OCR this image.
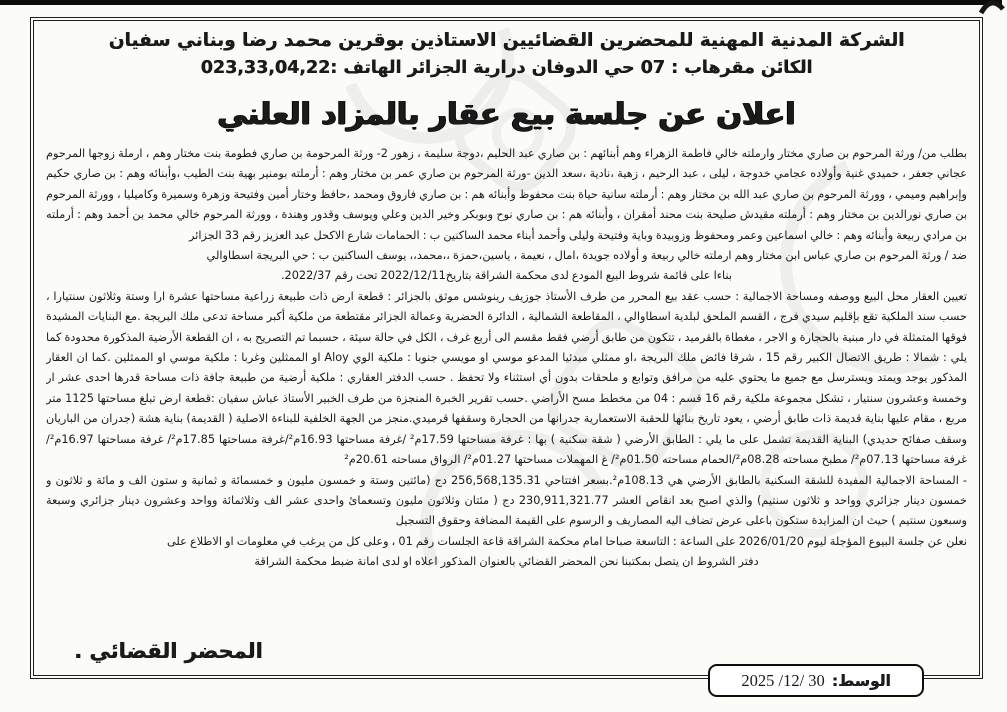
الشركة المدنية المهنية للمحضرين القضائيين الاستاذين بوقرين محمد رضا وبناني سفيان
الكائن مقرهاب : 07 حي الدوفان درارية الجزائر الهاتف :023,33,04,22
اعلان عن جلسة بيع عقار بالمزاد العلني

بطلب من/ ورثة المرحوم بن صاري مختار وارملته خالي فاطمة الزهراء وهم أبنائهم : بن صاري عبد الحليم ،دوجة سليمة ، زهور 2- ورثة المرحومة بن صاري فطومة بنت مختار وهم ، ارملة زوجها المرحوم عجاني جعفر ، حميدي غنية وأولاده عجامي خدوجة ، ليلى ، عبد الرحيم ، زهية ،نادية ،سعد الدين -ورثة المرحوم بن صاري عمر بن مختار وهم : أرملته بومنير بهية بنت الطيب ،وأبنائه وهم : بن صاري حكيم وإبراهيم وميمي ، وورثة المرحوم بن صاري عبد الله بن مختار وهم : أرملته سانية حياة بنت محفوظ وأبنائه هم : بن صاري فاروق ومحمد ،حافظ وختار أمين وفتيحة وزهرة وسميرة وكاميليا ، وورثة المرحوم بن صاري نورالدين بن مختار وهم : أرملته مقيدش صليحة بنت محند أمقران ، وأبنائه هم : بن صاري نوح وبوبكر وخير الدين وعلي ويوسف وقدور وهندة ، وورثة المرحوم خالي محمد بن أحمد وهم : أرملته بن مرادي ربيعة وأبنائه وهم : خالي اسماعين وعمر ومحفوظ وزوبيدة وباية وفتيحة وليلى وأحمد أبناء محمد الساكنين ب : الحمامات شارع الاكحل عبد العزيز رقم 33 الجزائر

ضد / ورثة المرحوم بن صاري عباس ابن مختار وهم ارملته خالي ربيعة و أولاده جويدة ،امال ، نعيمة ، ياسين،حمزة ،،محمد،، يوسف الساكنين ب : حي البريجة اسطاوالي

بناءا على قائمة شروط البيع المودع لدى محكمة الشراقة بتاريخ2022/12/11 تحت رقم 2022/37.

تعيين العقار محل البيع ووصفه ومساحة الاجمالية : حسب عقد بيع المحرر من طرف الأستاذ جوزيف رينوشس موثق بالجزائر : قطعة ارض ذات طبيعة زراعية مساحتها عشرة ارا وستة وثلاثون سنتيارا ، حسب سند الملكية تقع بإقليم سيدي فرج ، القسم الملحق لبلدية اسطاوالي ، المقاطعة الشمالية ، الدائرة الحضرية وعمالة الجزائر مقتطعة من ملكية أكبر مساحة تدعى ملك البريجة .مع البنايات المشيدة فوقها المتمثلة في دار مبنية بالحجارة و الاجر ، مغطاة بالقرميد ، تتكون من طابق أرضي فقط مقسم الى أربع غرف ، الكل في حالة سيئة ، حسبما تم التصريح به ، ان القطعة الأرضية المذكورة محدودة كما يلي : شمالا : طريق الاتصال الكبير رقم 15 ، شرقا فائض ملك البريجة ،او ممثلي مبدئيا المدعو موسي او مويسي جنوبا : ملكية الوي Aloy او الممثلين وغربا : ملكية موسي او الممثلين .كما ان العقار المذكور يوجد ويمتد ويسترسل مع جميع ما يحتوي عليه من مرافق وتوابع و ملحقات بدون أي استثناء ولا تحفظ . حسب الدفتر العقاري : ملكية أرضية من طبيعة جافة ذات مساحة قدرها احدى عشر ار وخمسة وعشرون سنتيار ، تشكل مجموعة ملكية رقم 16 قسم : 04 من مخطط مسح الأراضي .حسب تقرير الخبرة المنجزة من طرف الخبير الأستاذ عباش سفيان :قطعة ارض تبلغ مساحتها 1125 متر مربع ، مقام عليها بناية قديمة ذات طابق أرضي ، يعود تاريخ بنائها للحقبة الاستعمارية جدرانها من الحجارة وسقفها قرميدي.منجز من الجهة الخلفية للبناءة الاصلية ( القديمة) بناية هشة (جدران من الباريان وسقف صفائح حديدي) البناية القديمة تشمل على ما يلي : الطابق الأرضي ( شقة سكنية ) بها : غرفة مساحتها 17.59م² /غرفة مساحتها 16.93م²/غرفة مساحتها 17.85م²/ غرفة مساحتها 16.97م²/ غرفة مساحتها 07.13م²/ مطبخ مساحته 08.28م²/الحمام مساحته 01.50م²/ غ المهملات مساحتها 01.27م²/ الرواق مساحته 20.61م²

- المساحة الاجمالية المفيدة للشقة السكنية بالطابق الأرضي هي 108.13م².بسعر افتتاحي 256,568,135.31 دج (مائتين وستة و خمسون مليون و خمسمائة و ثمانية و ستون الف و مائة و ثلاثون و خمسون دينار جزائري وواحد و ثلاثون سنتيم) والذي اصبح بعد انقاص العشر 230,911,321.77 دج ( مئتان وثلاثون مليون وتسعمائ واحدى عشر الف وثلاثمائة وواحد وعشرون دينار جزائري وسبعة وسبعون سنتيم ) حيث ان المزايدة ستكون باعلى عرض تضاف اليه المصاريف و الرسوم على القيمة المضافة وحقوق التسجيل

نعلن عن جلسة البيوع المؤجلة ليوم 2026/01/20 على الساعة : التاسعة صباحا امام محكمة الشراقة قاعة الجلسات رقم 01 ، وعلى كل من يرغب في معلومات او الاطلاع على

دفتر الشروط ان يتصل بمكتبنا نحن المحضر القضائي بالعنوان المذكور اعلاه او لدى امانة ضبط محكمة الشراقة

المحضر القضائي .
الوسط:
30 /12/ 2025
